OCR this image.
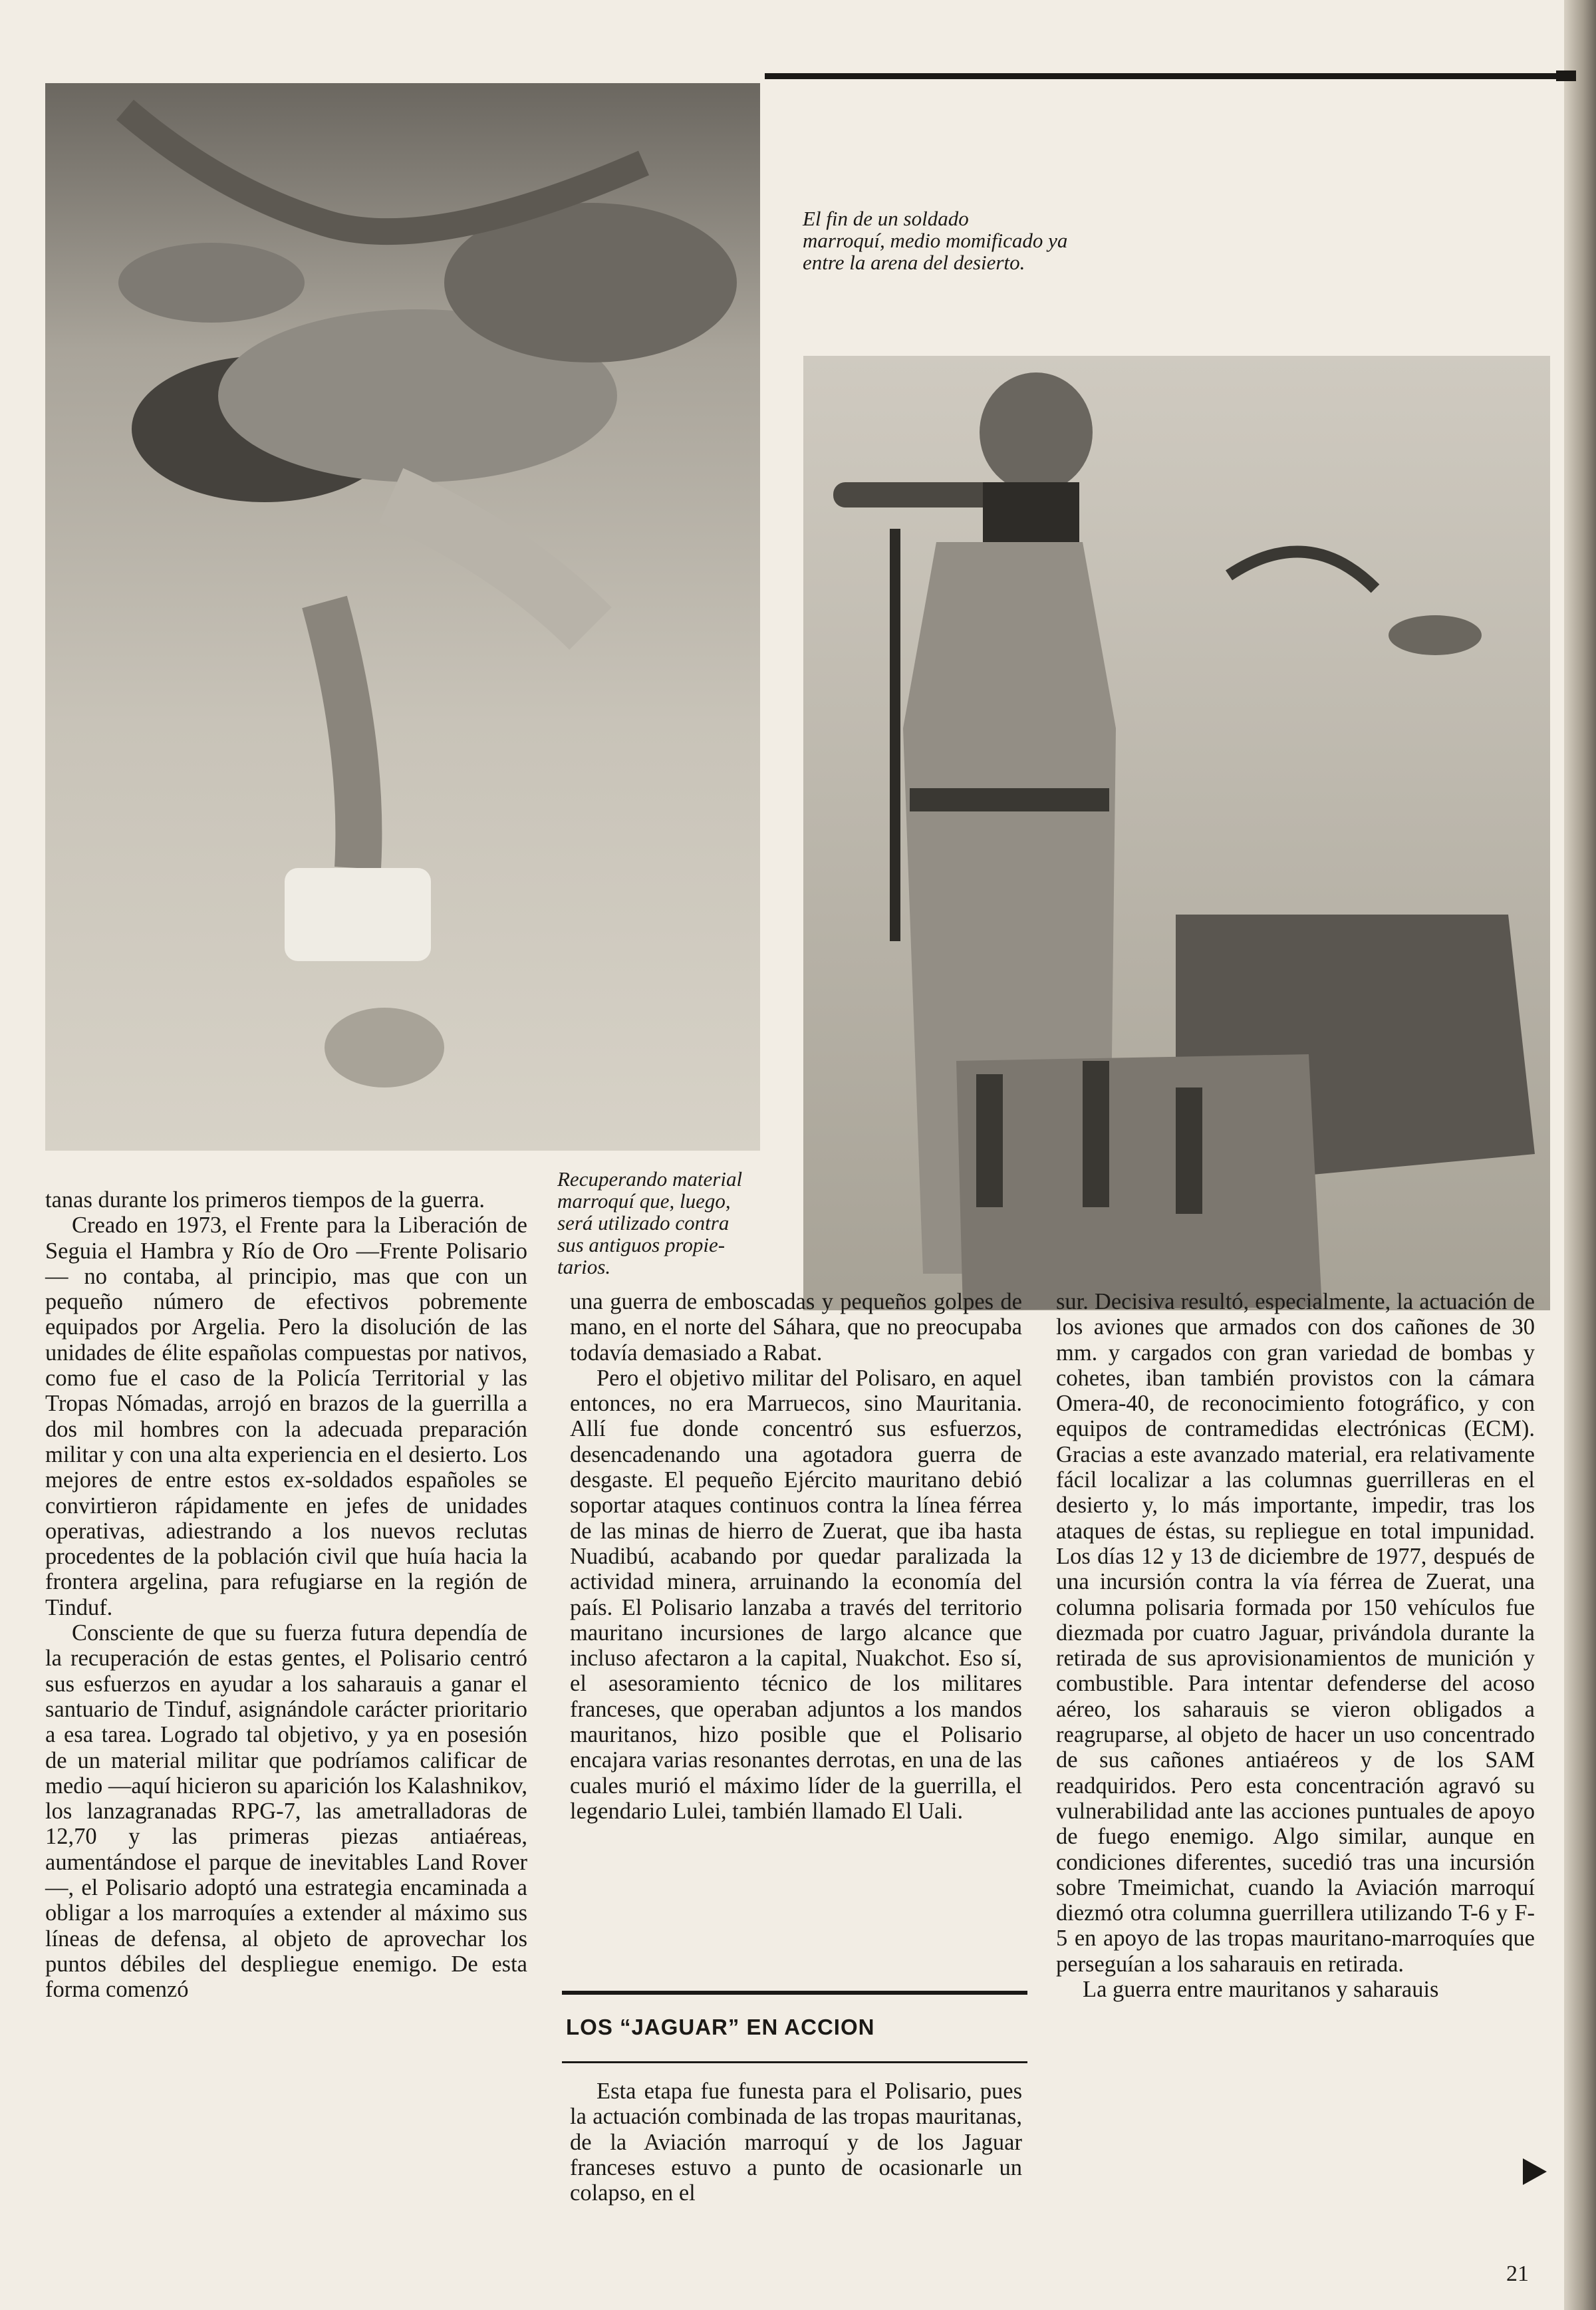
El fin de un soldado

marroquí, medio momificado ya

entre la arena del desierto.

Recuperando material

marroquí que, luego,

será utilizado contra

sus antiguos propie-

tarios.

tanas durante los primeros tiempos de la guerra.

Creado en 1973, el Frente para la Liberación de Seguia el Hambra y Río de Oro —Frente Polisario— no contaba, al principio, mas que con un pequeño número de efectivos pobremente equipados por Argelia. Pero la disolución de las unidades de élite españolas compuestas por nativos, como fue el caso de la Policía Territorial y las Tropas Nómadas, arrojó en brazos de la guerrilla a dos mil hombres con la adecuada preparación militar y con una alta experiencia en el desierto. Los mejores de entre estos ex-soldados españoles se convirtieron rápidamente en jefes de unidades operativas, adiestrando a los nuevos reclutas procedentes de la población civil que huía hacia la frontera argelina, para refugiarse en la región de Tinduf.

Consciente de que su fuerza futura dependía de la recuperación de estas gentes, el Polisario centró sus esfuerzos en ayudar a los saharauis a ganar el santuario de Tinduf, asignándole carácter prioritario a esa tarea. Logrado tal objetivo, y ya en posesión de un material militar que podríamos calificar de medio —aquí hicieron su aparición los Kalashnikov, los lanzagranadas RPG-7, las ametralladoras de 12,70 y las primeras piezas antiaéreas, aumentándose el parque de inevitables Land Rover—, el Polisario adoptó una estrategia encaminada a obligar a los marroquíes a extender al máximo sus líneas de defensa, al objeto de aprovechar los puntos débiles del despliegue enemigo. De esta forma comenzó

una guerra de emboscadas y pequeños golpes de mano, en el norte del Sáhara, que no preocupaba todavía demasiado a Rabat.

Pero el objetivo militar del Polisaro, en aquel entonces, no era Marruecos, sino Mauritania. Allí fue donde concentró sus esfuerzos, desencadenando una agotadora guerra de desgaste. El pequeño Ejército mauritano debió soportar ataques continuos contra la línea férrea de las minas de hierro de Zuerat, que iba hasta Nuadibú, acabando por quedar paralizada la actividad minera, arruinando la economía del país. El Polisario lanzaba a través del territorio mauritano incursiones de largo alcance que incluso afectaron a la capital, Nuakchot. Eso sí, el asesoramiento técnico de los militares franceses, que operaban adjuntos a los mandos mauritanos, hizo posible que el Polisario encajara varias resonantes derrotas, en una de las cuales murió el máximo líder de la guerrilla, el legendario Lulei, también llamado El Uali.

LOS “JAGUAR” EN ACCION

Esta etapa fue funesta para el Polisario, pues la actuación combinada de las tropas mauritanas, de la Aviación marroquí y de los Jaguar franceses estuvo a punto de ocasionarle un colapso, en el

sur. Decisiva resultó, especialmente, la actuación de los aviones que armados con dos cañones de 30 mm. y cargados con gran variedad de bombas y cohetes, iban también provistos con la cámara Omera-40, de reconocimiento fotográfico, y con equipos de contramedidas electrónicas (ECM). Gracias a este avanzado material, era relativamente fácil localizar a las columnas guerrilleras en el desierto y, lo más importante, impedir, tras los ataques de éstas, su repliegue en total impunidad. Los días 12 y 13 de diciembre de 1977, después de una incursión contra la vía férrea de Zuerat, una columna polisaria formada por 150 vehículos fue diezmada por cuatro Jaguar, privándola durante la retirada de sus aprovisionamientos de munición y combustible. Para intentar defenderse del acoso aéreo, los saharauis se vieron obligados a reagruparse, al objeto de hacer un uso concentrado de sus cañones antiaéreos y de los SAM readquiridos. Pero esta concentración agravó su vulnerabilidad ante las acciones puntuales de apoyo de fuego enemigo. Algo similar, aunque en condiciones diferentes, sucedió tras una incursión sobre Tmeimichat, cuando la Aviación marroquí diezmó otra columna guerrillera utilizando T-6 y F-5 en apoyo de las tropas mauritano-marroquíes que perseguían a los saharauis en retirada.

La guerra entre mauritanos y saharauis

21
